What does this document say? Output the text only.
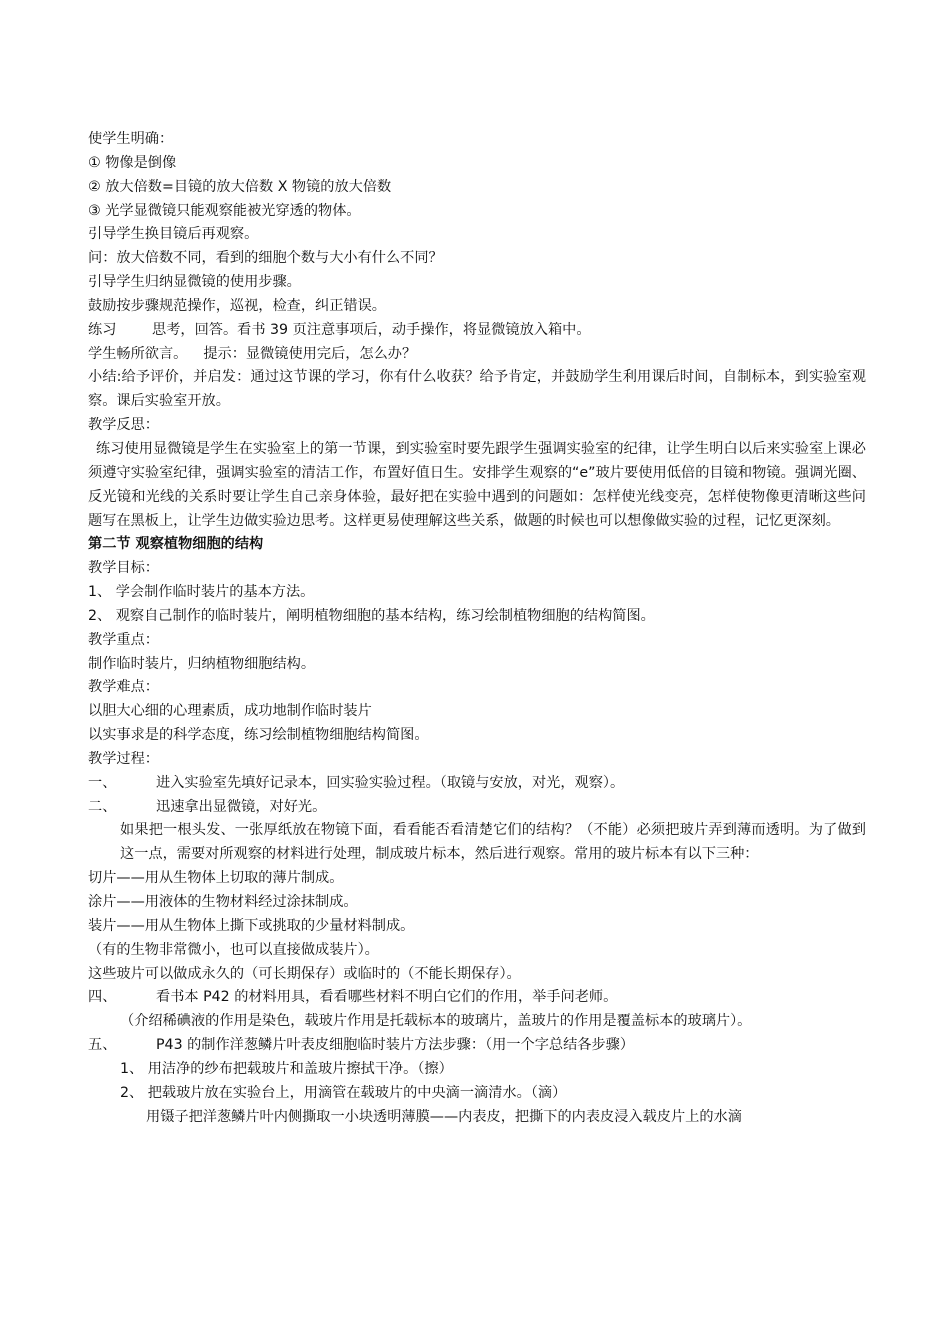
使学生明确：
① 物像是倒像
② 放大倍数=目镜的放大倍数 X 物镜的放大倍数
③ 光学显微镜只能观察能被光穿透的物体。
引导学生换目镜后再观察。
问：放大倍数不同，看到的细胞个数与大小有什么不同？
引导学生归纳显微镜的使用步骤。
鼓励按步骤规范操作，巡视，检查，纠正错误。
练习	思考，回答。看书 39 页注意事项后，动手操作，将显微镜放入箱中。
学生畅所欲言。 提示：显微镜使用完后，怎么办？
小结:给予评价，并启发：通过这节课的学习，你有什么收获？给予肯定，并鼓励学生利用课后时间，自制标本，到实验室观察。课后实验室开放。
教学反思：
练习使用显微镜是学生在实验室上的第一节课，到实验室时要先跟学生强调实验室的纪律，让学生明白以后来实验室上课必须遵守实验室纪律，强调实验室的清洁工作，布置好值日生。安排学生观察的“e”玻片要使用低倍的目镜和物镜。强调光圈、反光镜和光线的关系时要让学生自己亲身体验，最好把在实验中遇到的问题如：怎样使光线变亮，怎样使物像更清晰这些问题写在黑板上，让学生边做实验边思考。这样更易使理解这些关系，做题的时候也可以想像做实验的过程，记忆更深刻。
第二节 观察植物细胞的结构
教学目标：
1、 学会制作临时装片的基本方法。
2、 观察自己制作的临时装片，阐明植物细胞的基本结构，练习绘制植物细胞的结构简图。
教学重点：
制作临时装片，归纳植物细胞结构。
教学难点：
以胆大心细的心理素质，成功地制作临时装片
以实事求是的科学态度，练习绘制植物细胞结构简图。
教学过程：
一、	进入实验室先填好记录本，回实验实验过程。（取镜与安放，对光，观察）。
二、	迅速拿出显微镜，对好光。
如果把一根头发、一张厚纸放在物镜下面，看看能否看清楚它们的结构？（不能）必须把玻片弄到薄而透明。为了做到这一点，需要对所观察的材料进行处理，制成玻片标本，然后进行观察。常用的玻片标本有以下三种：
切片——用从生物体上切取的薄片制成。
涂片——用液体的生物材料经过涂抹制成。
装片——用从生物体上撕下或挑取的少量材料制成。
（有的生物非常微小，也可以直接做成装片）。
这些玻片可以做成永久的（可长期保存）或临时的（不能长期保存）。
四、	看书本 P42 的材料用具，看看哪些材料不明白它们的作用，举手问老师。
（介绍稀碘液的作用是染色，载玻片作用是托载标本的玻璃片，盖玻片的作用是覆盖标本的玻璃片）。
五、	P43 的制作洋葱鳞片叶表皮细胞临时装片方法步骤：（用一个字总结各步骤）
1、 用洁净的纱布把载玻片和盖玻片擦拭干净。（擦）
2、 把载玻片放在实验台上，用滴管在载玻片的中央滴一滴清水。（滴）
用镊子把洋葱鳞片叶内侧撕取一小块透明薄膜——内表皮，把撕下的内表皮浸入载皮片上的水滴
